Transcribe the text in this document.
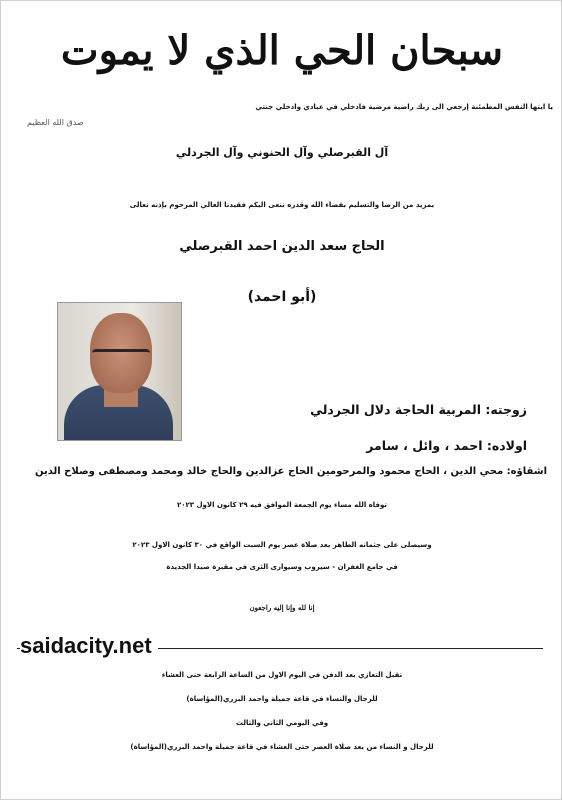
سبحان الحي الذي لا يموت
يا ايتها النفس المطمئنة إرجعي الى ربك راضية مرضية فادخلي في عبادي وادخلي جنتي
صدق الله العظيم
آل القبرصلي وآل الحنوني وآل الجردلي
بمزيد من الرضا والتسليم بقضاء الله وقدره ننعى اليكم فقيدنا الغالي المرحوم بإذنه تعالى
الحاج سعد الدين احمد القبرصلي
(أبو احمد)
زوجته: المربية الحاجة دلال الجردلي
اولاده: احمد ، وائل ، سامر
اشقاؤه: محي الدين ، الحاج محمود والمرحومين الحاج عزالدين والحاج خالد ومحمد ومصطفى وصلاح الدين
توفاه الله مساء يوم الجمعة الموافق فيه ٢٩ كانون الاول ٢٠٢٣
وسيصلى على جثمانه الطاهر بعد صلاة عصر يوم السبت الواقع في ٣٠ كانون الاول ٢٠٢٣
في جامع الغفران - سيروب وسيوارى الثرى في مقبرة صيدا الجديدة
إنا لله وإنا إليه راجعون
saidacity.net
تقبل التعازي بعد الدفن في اليوم الاول من الساعة الرابعة حتى العشاء
للرجال والنساء في قاعة جميلة واحمد البزري(المؤاساة)
وفي اليومي الثاني والثالث
للرجال و النساء من بعد صلاة العصر حتى العشاء في قاعة جميلة واحمد البزري(المؤاساة)
